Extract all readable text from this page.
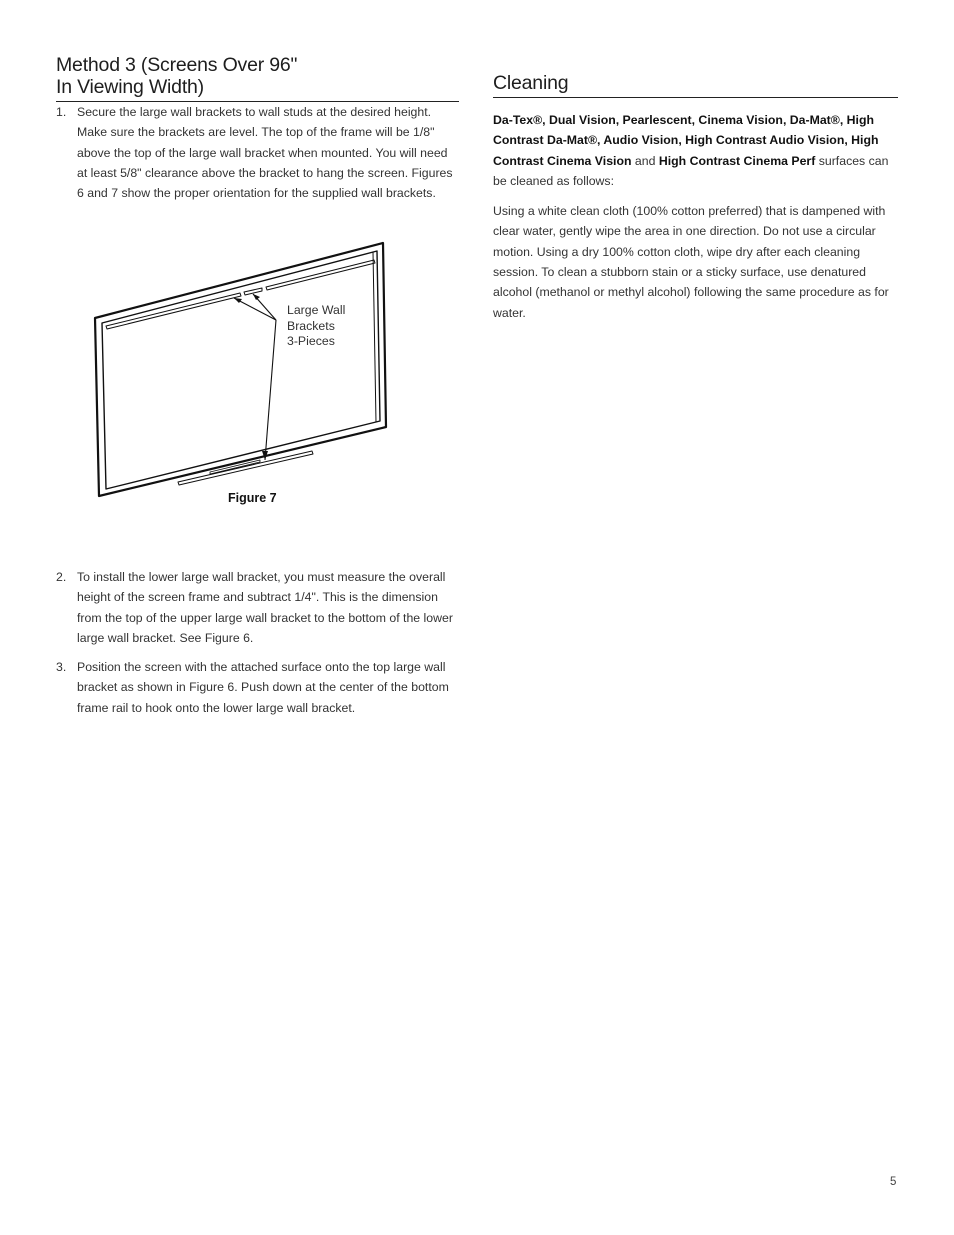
Method 3 (Screens Over 96"
In Viewing Width)
1. Secure the large wall brackets to wall studs at the desired height. Make sure the brackets are level. The top of the frame will be 1/8" above the top of the large wall bracket when mounted. You will need at least 5/8" clearance above the bracket to hang the screen. Figures 6 and 7 show the proper orientation for the supplied wall brackets.
Large Wall
Brackets
3-Pieces
Figure 7
2. To install the lower large wall bracket, you must measure the overall height of the screen frame and subtract 1/4". This is the dimension from the top of the upper large wall bracket to the bottom of the lower large wall bracket. See Figure 6.
3. Position the screen with the attached surface onto the top large wall bracket as shown in Figure 6. Push down at the center of the bottom frame rail to hook onto the lower large wall bracket.
Cleaning

Da-Tex®, Dual Vision, Pearlescent, Cinema Vision, Da-Mat®, High Contrast Da-Mat®, Audio Vision, High Contrast Audio Vision, High Contrast Cinema Vision and High Contrast Cinema Perf surfaces can be cleaned as follows:

Using a white clean cloth (100% cotton preferred) that is dampened with clear water, gently wipe the area in one direction. Do not use a circular motion. Using a dry 100% cotton cloth, wipe dry after each cleaning session. To clean a stubborn stain or a sticky surface, use denatured alcohol (methanol or methyl alcohol) following the same procedure as for water.

5
